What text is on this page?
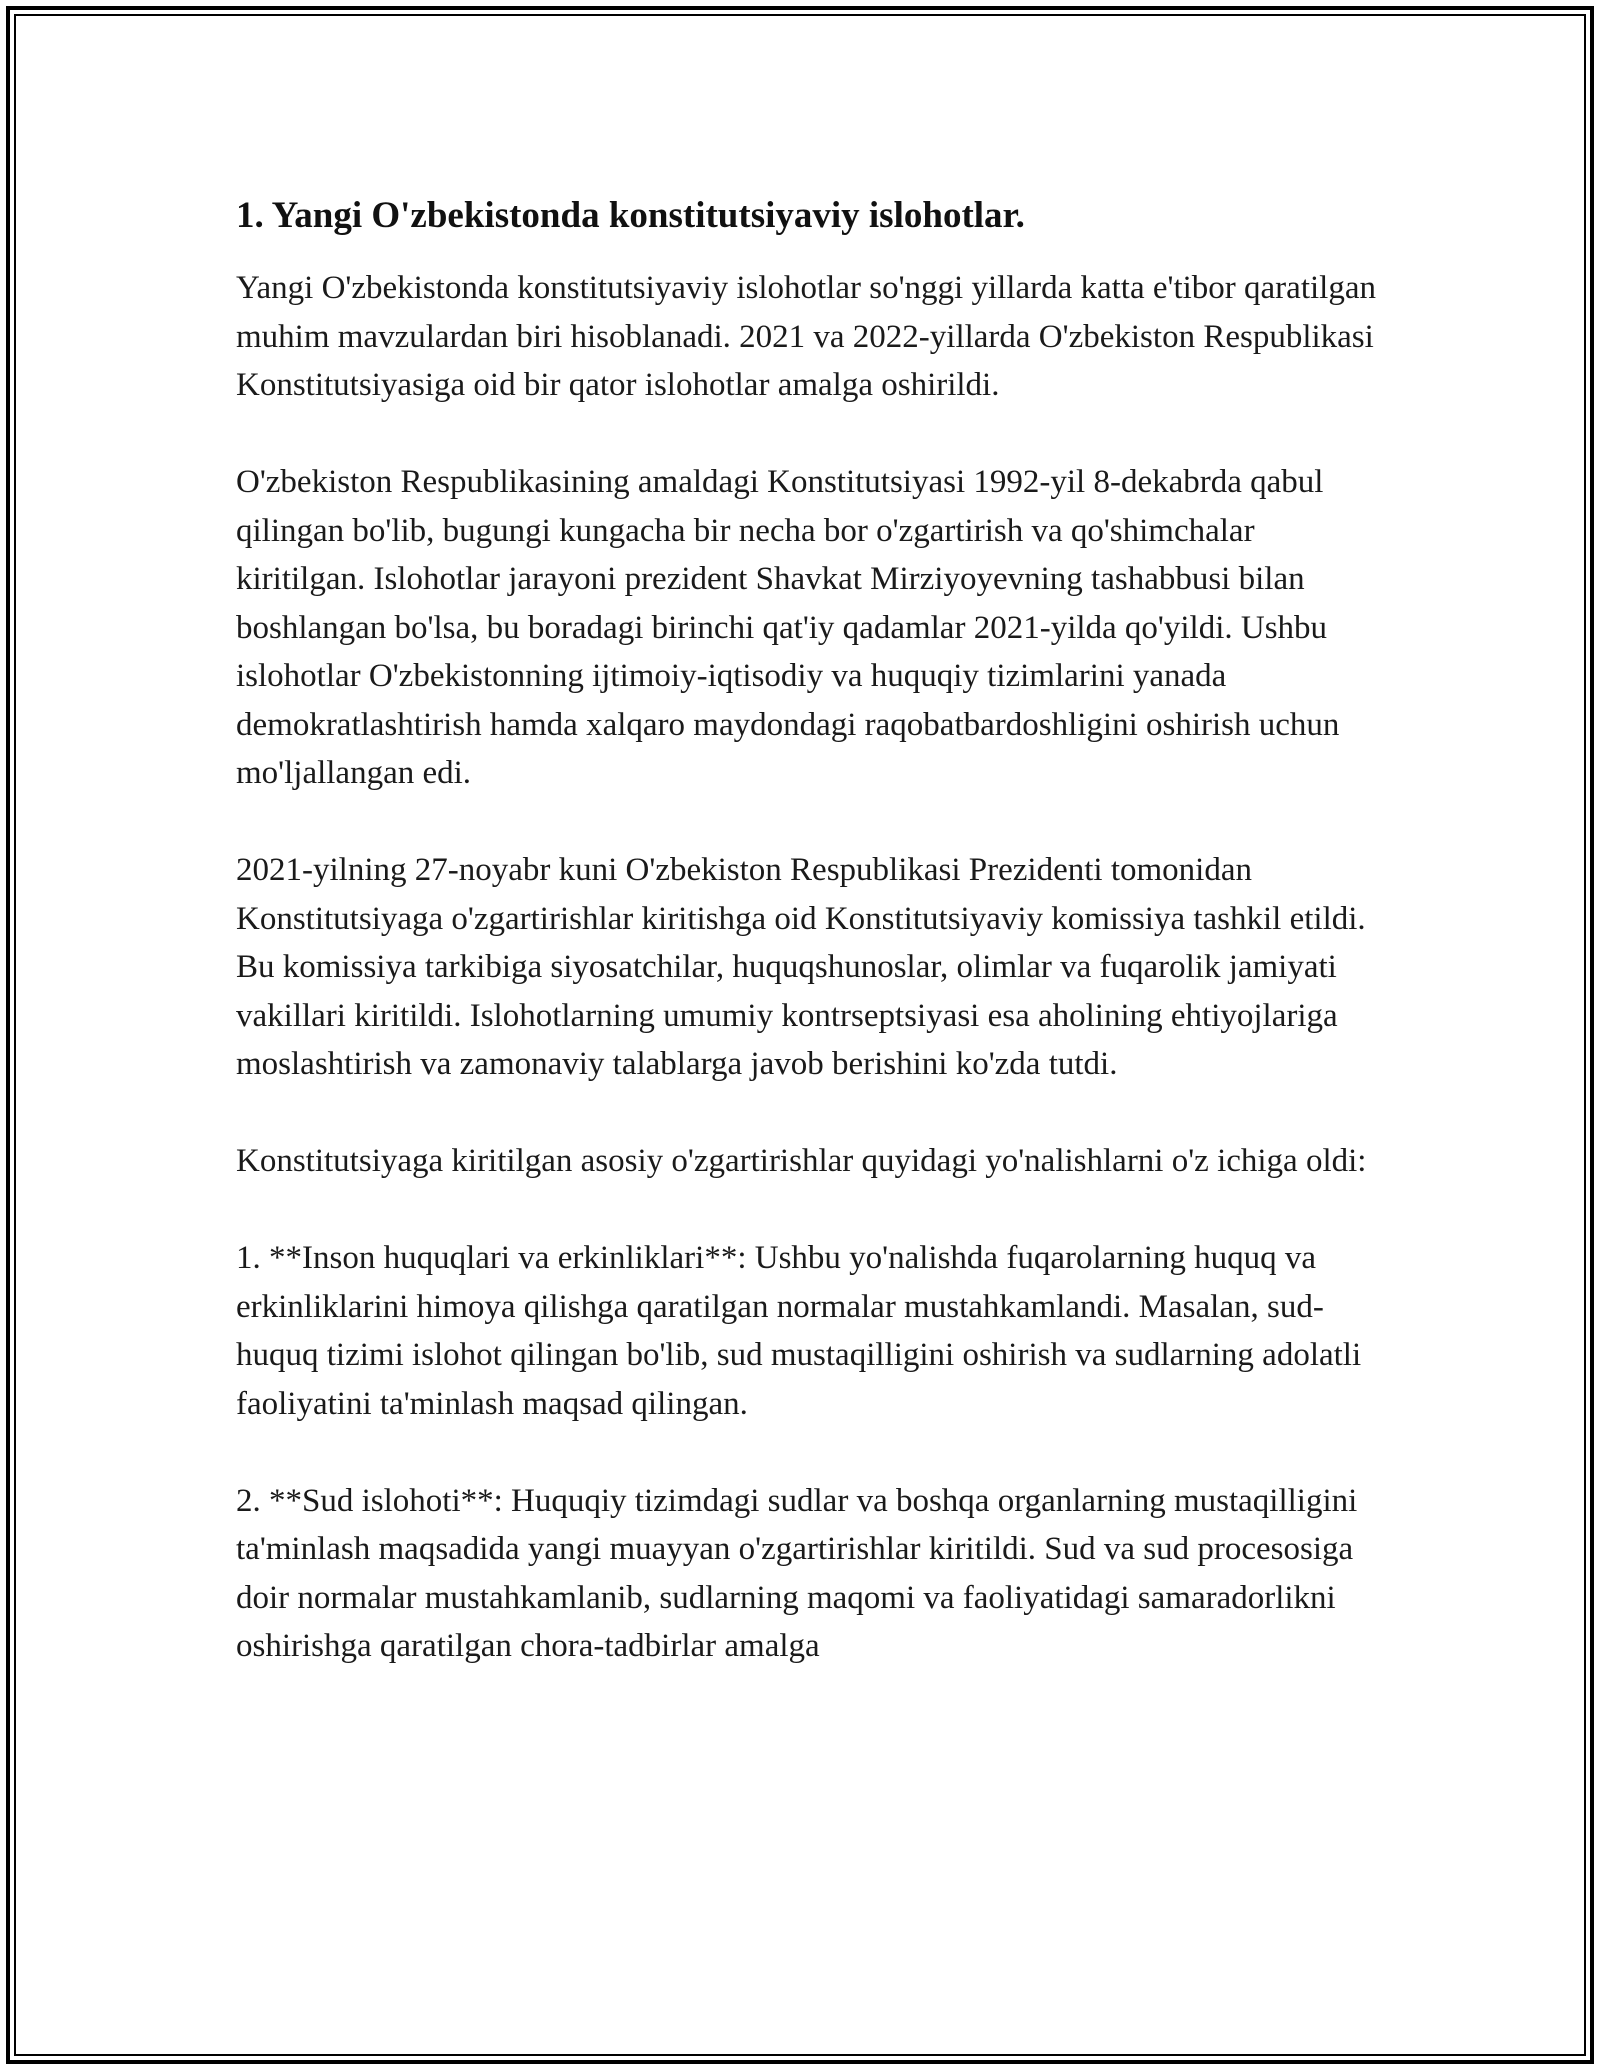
1. Yangi O'zbekistonda konstitutsiyaviy islohotlar.

Yangi O'zbekistonda konstitutsiyaviy islohotlar so'nggi yillarda katta e'tibor qaratilgan muhim mavzulardan biri hisoblanadi. 2021 va 2022-yillarda O'zbekiston Respublikasi Konstitutsiyasiga oid bir qator islohotlar amalga oshirildi.

O'zbekiston Respublikasining amaldagi Konstitutsiyasi 1992-yil 8-dekabrda qabul qilingan bo'lib, bugungi kungacha bir necha bor o'zgartirish va qo'shimchalar kiritilgan. Islohotlar jarayoni prezident Shavkat Mirziyoyevning tashabbusi bilan boshlangan bo'lsa, bu boradagi birinchi qat'iy qadamlar 2021-yilda qo'yildi. Ushbu islohotlar O'zbekistonning ijtimoiy-iqtisodiy va huquqiy tizimlarini yanada demokratlashtirish hamda xalqaro maydondagi raqobatbardoshligini oshirish uchun mo'ljallangan edi.

2021-yilning 27-noyabr kuni O'zbekiston Respublikasi Prezidenti tomonidan Konstitutsiyaga o'zgartirishlar kiritishga oid Konstitutsiyaviy komissiya tashkil etildi. Bu komissiya tarkibiga siyosatchilar, huquqshunoslar, olimlar va fuqarolik jamiyati vakillari kiritildi. Islohotlarning umumiy kontrseptsiyasi esa aholining ehtiyojlariga moslashtirish va zamonaviy talablarga javob berishini ko'zda tutdi.

Konstitutsiyaga kiritilgan asosiy o'zgartirishlar quyidagi yo'nalishlarni o'z ichiga oldi:

1. **Inson huquqlari va erkinliklari**: Ushbu yo'nalishda fuqarolarning huquq va erkinliklarini himoya qilishga qaratilgan normalar mustahkamlandi. Masalan, sud-huquq tizimi islohot qilingan bo'lib, sud mustaqilligini oshirish va sudlarning adolatli faoliyatini ta'minlash maqsad qilingan.

2. **Sud islohoti**: Huquqiy tizimdagi sudlar va boshqa organlarning mustaqilligini ta'minlash maqsadida yangi muayyan o'zgartirishlar kiritildi. Sud va sud procesosiga doir normalar mustahkamlanib, sudlarning maqomi va faoliyatidagi samaradorlikni oshirishga qaratilgan chora-tadbirlar amalga
